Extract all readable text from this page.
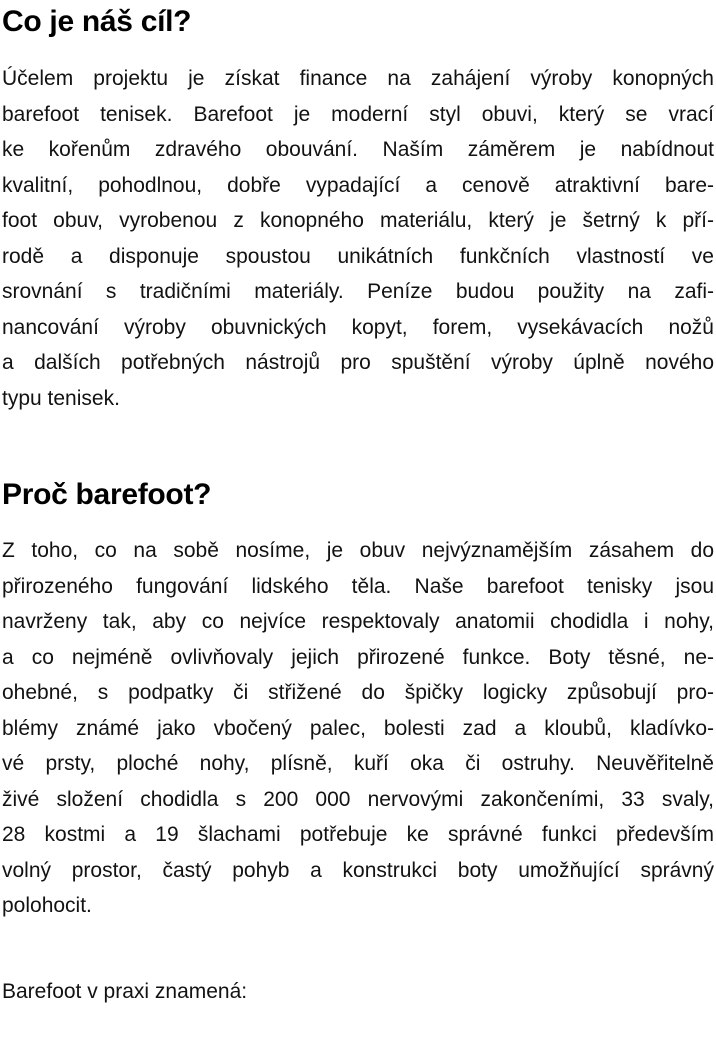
Co je náš cíl?
Účelem projektu je získat finance na zahájení výroby konopných
barefoot tenisek. Barefoot je moderní styl obuvi, který se vrací
ke kořenům zdravého obouvání. Naším záměrem je nabídnout
kvalitní, pohodlnou, dobře vypadající a cenově atraktivní bare-
foot obuv, vyrobenou z konopného materiálu, který je šetrný k pří-
rodě a disponuje spoustou unikátních funkčních vlastností ve
srovnání s tradičními materiály. Peníze budou použity na zafi-
nancování výroby obuvnických kopyt, forem, vysekávacích nožů
a dalších potřebných nástrojů pro spuštění výroby úplně nového
typu tenisek.
Proč barefoot?
Z toho, co na sobě nosíme, je obuv nejvýznamějším zásahem do
přirozeného fungování lidského těla. Naše barefoot tenisky jsou
navrženy tak, aby co nejvíce respektovaly anatomii chodidla i nohy,
a co nejméně ovlivňovaly jejich přirozené funkce. Boty těsné, ne-
ohebné, s podpatky či střižené do špičky logicky způsobují pro-
blémy známé jako vbočený palec, bolesti zad a kloubů, kladívko-
vé prsty, ploché nohy, plísně, kuří oka či ostruhy. Neuvěřitelně
živé složení chodidla s 200 000 nervovými zakončeními, 33 svaly,
28 kostmi a 19 šlachami potřebuje ke správné funkci především
volný prostor, častý pohyb a konstrukci boty umožňující správný
polohocit.

Barefoot v praxi znamená:
